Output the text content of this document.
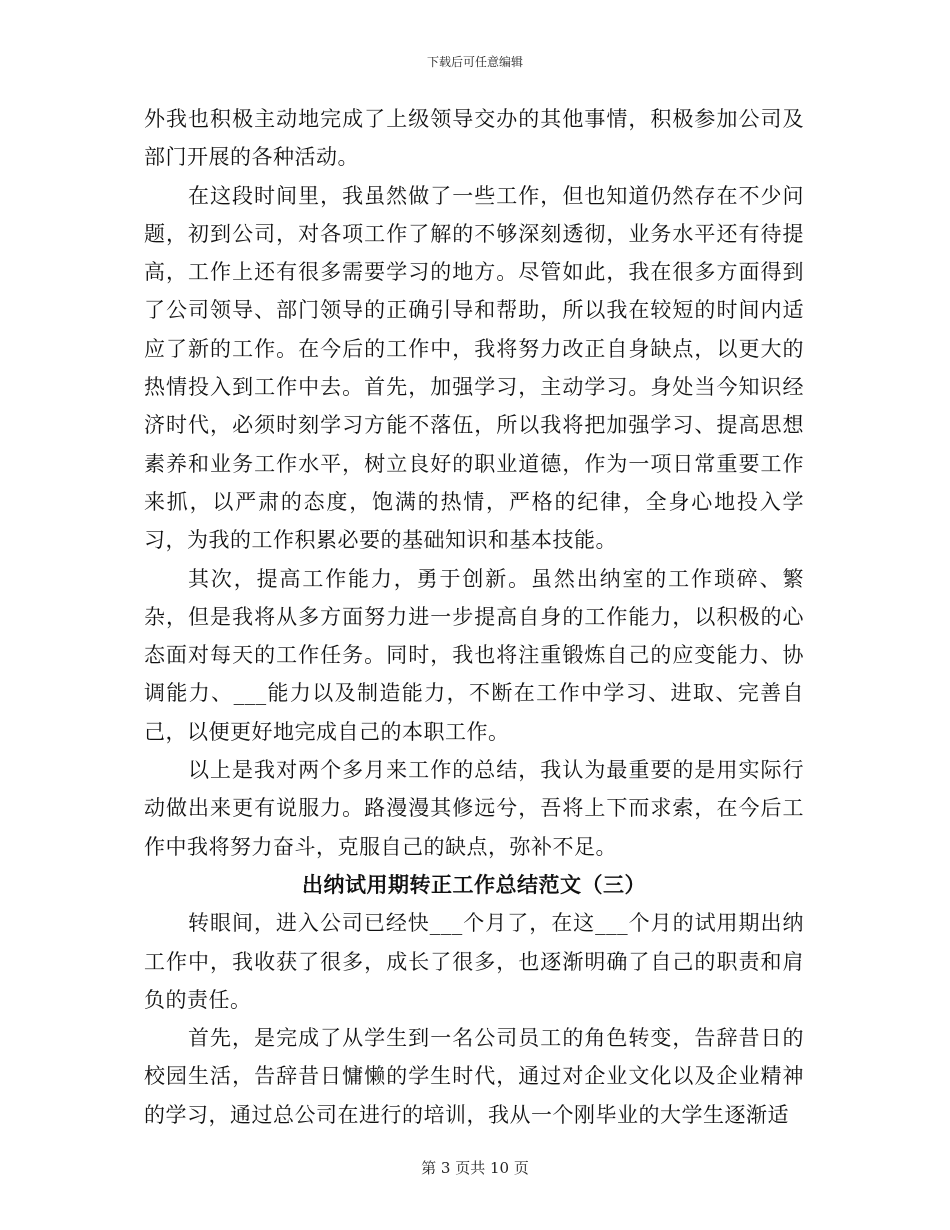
下载后可任意编辑

外我也积极主动地完成了上级领导交办的其他事情，积极参加公司及部门开展的各种活动。

在这段时间里，我虽然做了一些工作，但也知道仍然存在不少问题，初到公司，对各项工作了解的不够深刻透彻，业务水平还有待提高，工作上还有很多需要学习的地方。尽管如此，我在很多方面得到了公司领导、部门领导的正确引导和帮助，所以我在较短的时间内适应了新的工作。在今后的工作中，我将努力改正自身缺点，以更大的热情投入到工作中去。首先，加强学习，主动学习。身处当今知识经济时代，必须时刻学习方能不落伍，所以我将把加强学习、提高思想素养和业务工作水平，树立良好的职业道德，作为一项日常重要工作来抓，以严肃的态度，饱满的热情，严格的纪律，全身心地投入学习，为我的工作积累必要的基础知识和基本技能。

其次，提高工作能力，勇于创新。虽然出纳室的工作琐碎、繁杂，但是我将从多方面努力进一步提高自身的工作能力，以积极的心态面对每天的工作任务。同时，我也将注重锻炼自己的应变能力、协调能力、___能力以及制造能力，不断在工作中学习、进取、完善自己，以便更好地完成自己的本职工作。

以上是我对两个多月来工作的总结，我认为最重要的是用实际行动做出来更有说服力。路漫漫其修远兮，吾将上下而求索，在今后工作中我将努力奋斗，克服自己的缺点，弥补不足。

出纳试用期转正工作总结范文（三）

转眼间，进入公司已经快___个月了，在这___个月的试用期出纳工作中，我收获了很多，成长了很多，也逐渐明确了自己的职责和肩负的责任。

首先，是完成了从学生到一名公司员工的角色转变，告辞昔日的校园生活，告辞昔日慵懒的学生时代，通过对企业文化以及企业精神的学习，通过总公司在进行的培训，我从一个刚毕业的大学生逐渐适

第 3 页共 10 页
